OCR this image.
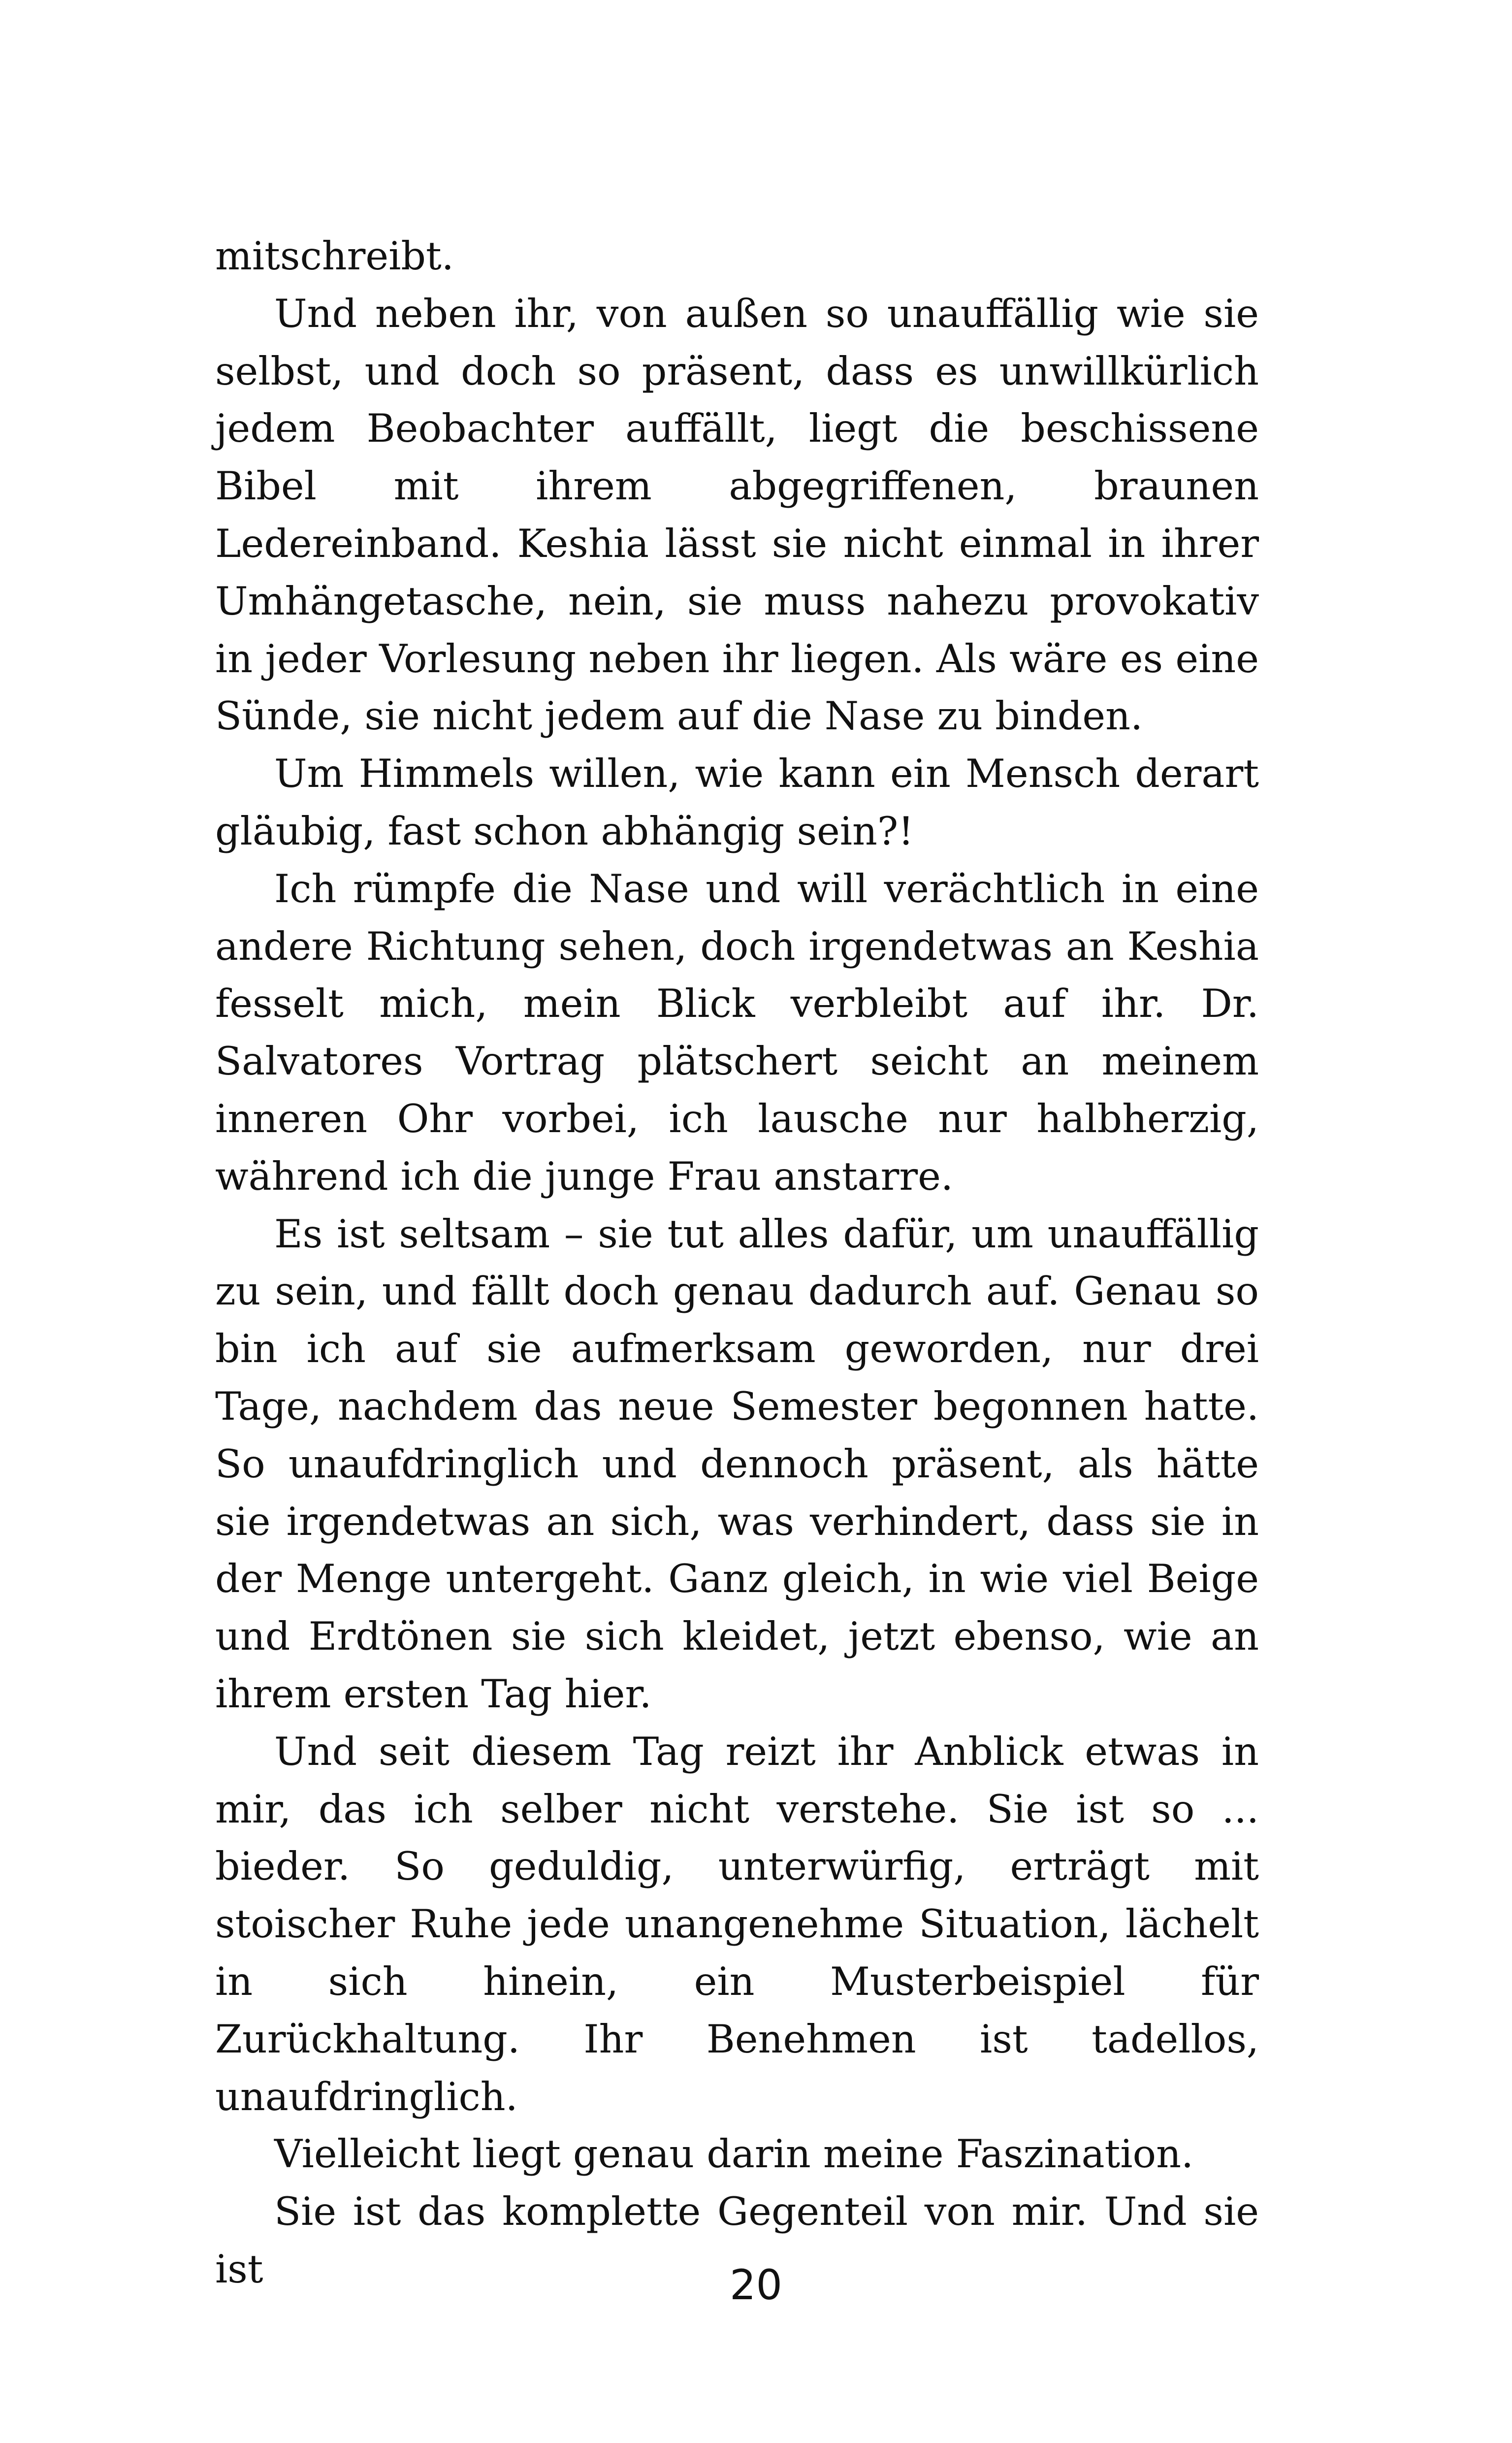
mitschreibt.

Und neben ihr, von außen so unauffällig wie sie selbst, und doch so präsent, dass es unwillkürlich jedem Beobachter auffällt, liegt die beschissene Bibel mit ihrem abgegriffenen, braunen Ledereinband. Keshia lässt sie nicht einmal in ihrer Umhängetasche, nein, sie muss nahezu provokativ in jeder Vorlesung neben ihr liegen. Als wäre es eine Sünde, sie nicht jedem auf die Nase zu binden.

Um Himmels willen, wie kann ein Mensch derart gläubig, fast schon abhängig sein?!

Ich rümpfe die Nase und will verächtlich in eine andere Richtung sehen, doch irgendetwas an Keshia fesselt mich, mein Blick verbleibt auf ihr. Dr. Salvatores Vortrag plätschert seicht an meinem inneren Ohr vorbei, ich lausche nur halbherzig, während ich die junge Frau anstarre.

Es ist seltsam – sie tut alles dafür, um unauffällig zu sein, und fällt doch genau dadurch auf. Genau so bin ich auf sie aufmerksam geworden, nur drei Tage, nachdem das neue Semester begonnen hatte. So unaufdringlich und dennoch präsent, als hätte sie irgendetwas an sich, was verhindert, dass sie in der Menge untergeht. Ganz gleich, in wie viel Beige und Erdtönen sie sich kleidet, jetzt ebenso, wie an ihrem ersten Tag hier.

Und seit diesem Tag reizt ihr Anblick etwas in mir, das ich selber nicht verstehe. Sie ist so ... bieder. So geduldig, unterwürfig, erträgt mit stoischer Ruhe jede unangenehme Situation, lächelt in sich hinein, ein Musterbeispiel für Zurückhaltung. Ihr Benehmen ist tadellos, unaufdringlich.

Vielleicht liegt genau darin meine Faszination.

Sie ist das komplette Gegenteil von mir. Und sie ist	20
